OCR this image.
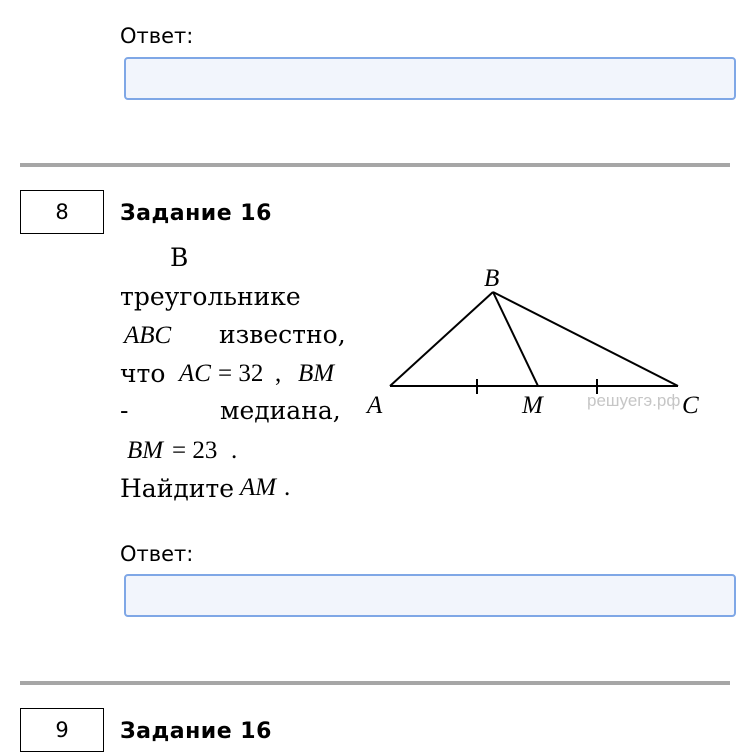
Ответ:
8	Задание 16
В
треугольнике
ABC известно,
что AC = 32 , BM
-	медиана,
BM = 23 .
Найдите AM .
решуегэ.рф
B
A	M	C
Ответ:
9	Задание 16
